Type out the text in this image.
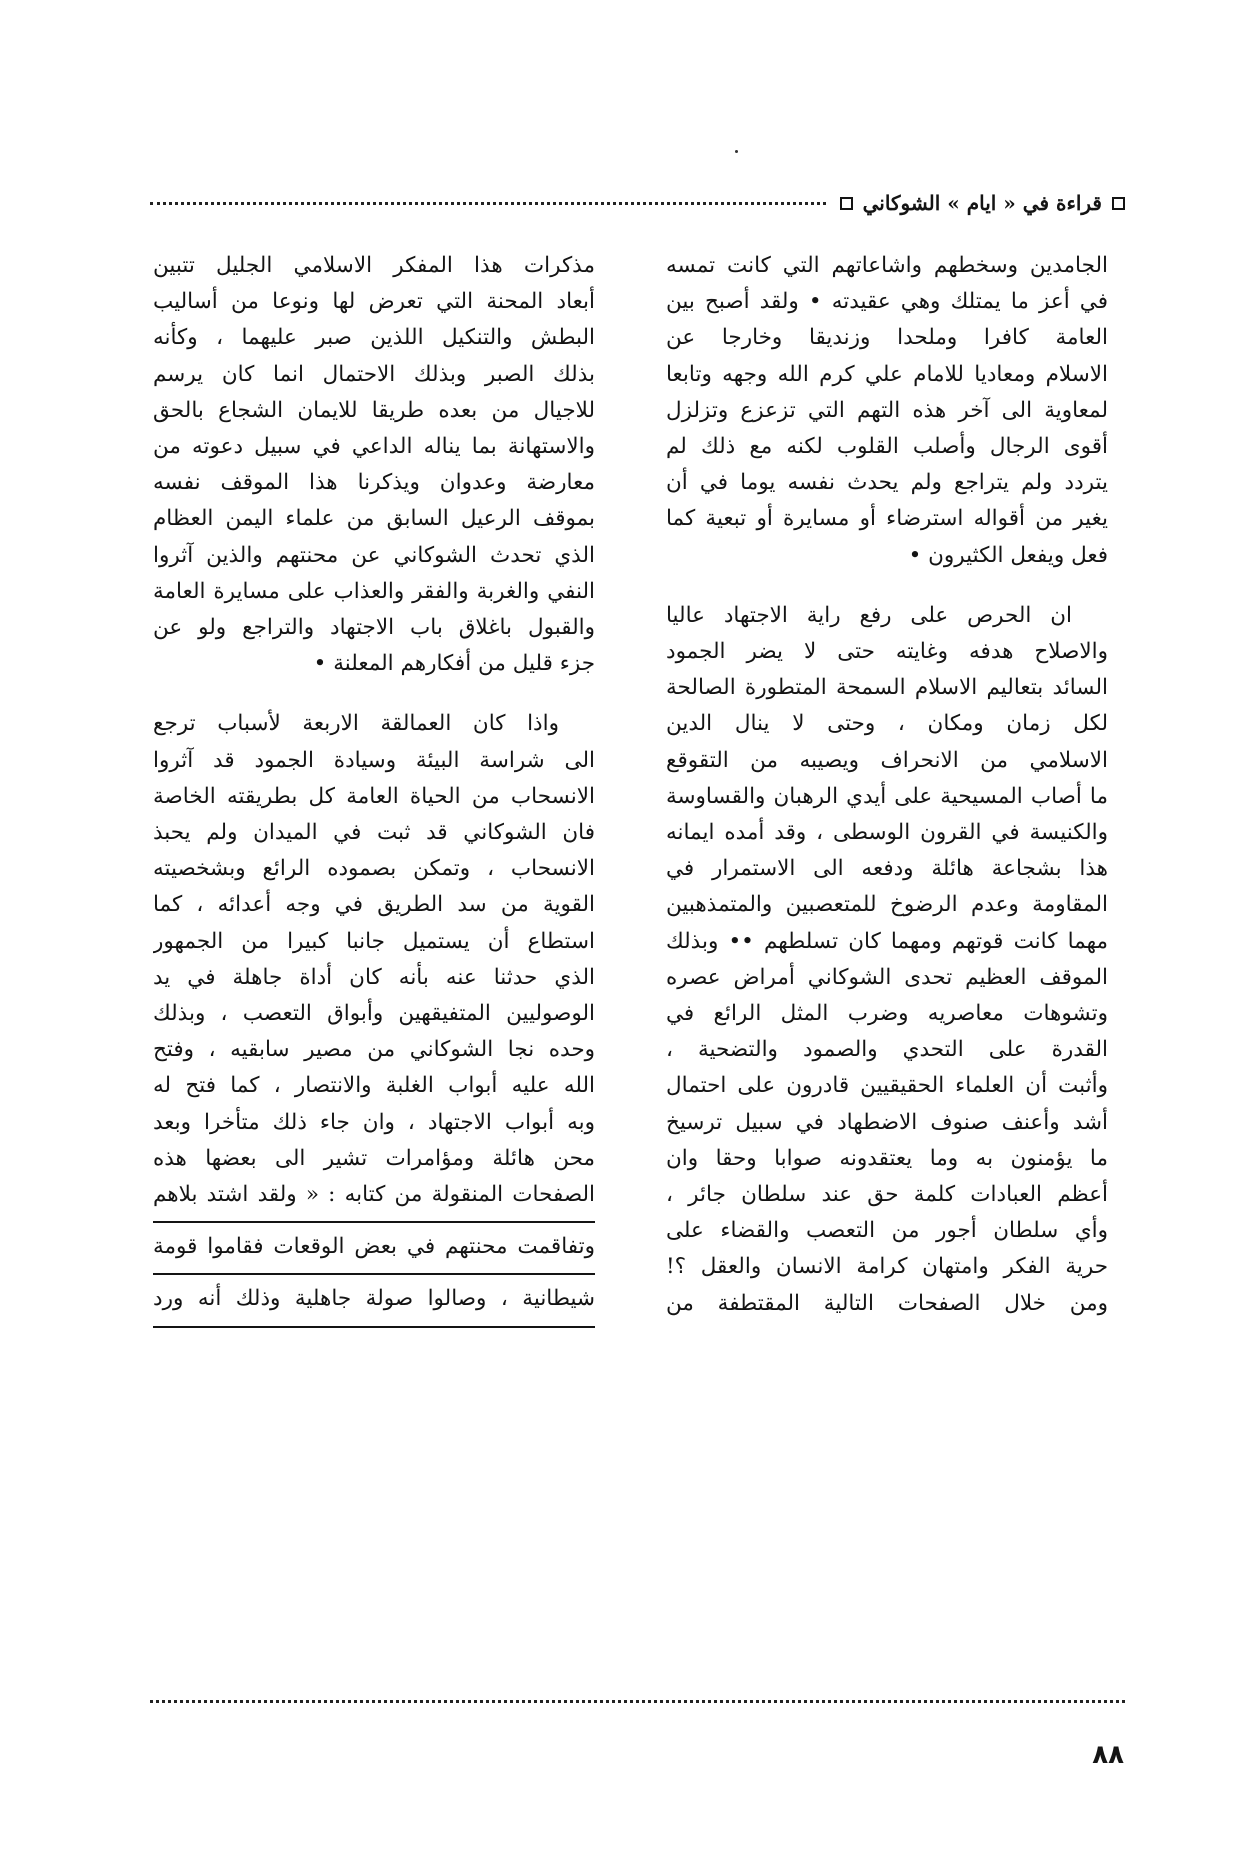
قراءة في « ايام » الشوكاني
الجامدين وسخطهم واشاعاتهم التي كانت تمسه
في أعز ما يمتلك وهي عقيدته • ولقد أصبح بين
العامة كافرا وملحدا وزنديقا وخارجا عن
الاسلام ومعاديا للامام علي كرم الله وجهه وتابعا
لمعاوية الى آخر هذه التهم التي تزعزع وتزلزل
أقوى الرجال وأصلب القلوب لكنه مع ذلك لم
يتردد ولم يتراجع ولم يحدث نفسه يوما في أن
يغير من أقواله استرضاء أو مسايرة أو تبعية كما
فعل ويفعل الكثيرون •
ان الحرص على رفع راية الاجتهاد عاليا
والاصلاح هدفه وغايته حتى لا يضر الجمود
السائد بتعاليم الاسلام السمحة المتطورة الصالحة
لكل زمان ومكان ، وحتى لا ينال الدين
الاسلامي من الانحراف ويصيبه من التقوقع
ما أصاب المسيحية على أيدي الرهبان والقساوسة
والكنيسة في القرون الوسطى ، وقد أمده ايمانه
هذا بشجاعة هائلة ودفعه الى الاستمرار في
المقاومة وعدم الرضوخ للمتعصبين والمتمذهبين
مهما كانت قوتهم ومهما كان تسلطهم •• وبذلك
الموقف العظيم تحدى الشوكاني أمراض عصره
وتشوهات معاصريه وضرب المثل الرائع في
القدرة على التحدي والصمود والتضحية ،
وأثبت أن العلماء الحقيقيين قادرون على احتمال
أشد وأعنف صنوف الاضطهاد في سبيل ترسيخ
ما يؤمنون به وما يعتقدونه صوابا وحقا وان
أعظم العبادات كلمة حق عند سلطان جائر ،
وأي سلطان أجور من التعصب والقضاء على
حرية الفكر وامتهان كرامة الانسان والعقل ؟!
ومن خلال الصفحات التالية المقتطفة من
مذكرات هذا المفكر الاسلامي الجليل تتبين
أبعاد المحنة التي تعرض لها ونوعا من أساليب
البطش والتنكيل اللذين صبر عليهما ، وكأنه
بذلك الصبر وبذلك الاحتمال انما كان يرسم
للاجيال من بعده طريقا للايمان الشجاع بالحق
والاستهانة بما يناله الداعي في سبيل دعوته من
معارضة وعدوان ويذكرنا هذا الموقف نفسه
بموقف الرعيل السابق من علماء اليمن العظام
الذي تحدث الشوكاني عن محنتهم والذين آثروا
النفي والغربة والفقر والعذاب على مسايرة العامة
والقبول باغلاق باب الاجتهاد والتراجع ولو عن
جزء قليل من أفكارهم المعلنة •
واذا كان العمالقة الاربعة لأسباب ترجع
الى شراسة البيئة وسيادة الجمود قد آثروا
الانسحاب من الحياة العامة كل بطريقته الخاصة
فان الشوكاني قد ثبت في الميدان ولم يحبذ
الانسحاب ، وتمكن بصموده الرائع وبشخصيته
القوية من سد الطريق في وجه أعدائه ، كما
استطاع أن يستميل جانبا كبيرا من الجمهور
الذي حدثنا عنه بأنه كان أداة جاهلة في يد
الوصوليين المتفيقهين وأبواق التعصب ، وبذلك
وحده نجا الشوكاني من مصير سابقيه ، وفتح
الله عليه أبواب الغلبة والانتصار ، كما فتح له
وبه أبواب الاجتهاد ، وان جاء ذلك متأخرا وبعد
محن هائلة ومؤامرات تشير الى بعضها هذه
الصفحات المنقولة من كتابه : « ولقد اشتد بلاهم
وتفاقمت محنتهم في بعض الوقعات فقاموا قومة
شيطانية ، وصالوا صولة جاهلية وذلك أنه ورد
٨٨
